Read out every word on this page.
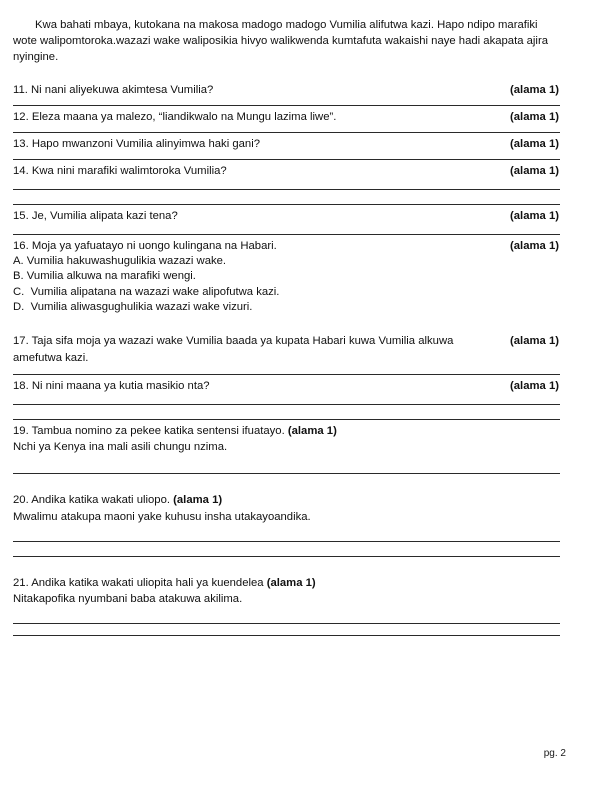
Kwa bahati mbaya, kutokana na makosa madogo madogo Vumilia alifutwa kazi. Hapo ndipo marafiki wote walipomtoroka.wazazi wake waliposikia hivyo walikwenda kumtafuta wakaishi naye hadi akapata ajira nyingine.

11. Ni nani aliyekuwa akimtesa Vumilia?	(alama 1)
12. Eleza maana ya malezo, “liandikwalo na Mungu lazima liwe”.	(alama 1)
13. Hapo mwanzoni Vumilia alinyimwa haki gani?	(alama 1)
14. Kwa nini marafiki walimtoroka Vumilia?	(alama 1)
15. Je, Vumilia alipata kazi tena?	(alama 1)
16. Moja ya yafuatayo ni uongo kulingana na Habari.	(alama 1)
A. Vumilia hakuwashugulikia wazazi wake.
B. Vumilia alkuwa na marafiki wengi.
C.  Vumilia alipatana na wazazi wake alipofutwa kazi.
D.  Vumilia aliwasgughulikia wazazi wake vizuri.
17. Taja sifa moja ya wazazi wake Vumilia baada ya kupata Habari kuwa Vumilia alkuwa amefutwa kazi.
(alama 1)
18. Ni nini maana ya kutia masikio nta?	(alama 1)
19. Tambua nomino za pekee katika sentensi ifuatayo. (alama 1)
Nchi ya Kenya ina mali asili chungu nzima.
20. Andika katika wakati uliopo. (alama 1)
Mwalimu atakupa maoni yake kuhusu insha utakayoandika.
21. Andika katika wakati uliopita hali ya kuendelea (alama 1)
Nitakapofika nyumbani baba atakuwa akilima.
pg. 2
